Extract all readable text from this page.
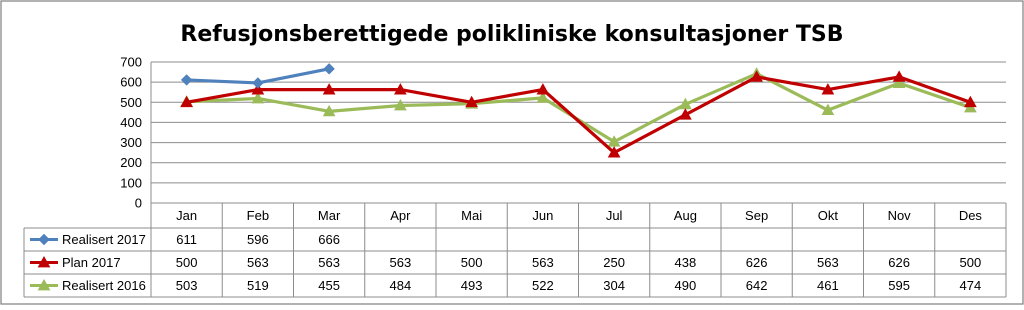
Refusjonsberettigede polikliniske konsultasjoner TSB
0
100
200
300
400
500
600
700
Jan	Feb	Mar	Apr	Mai	Jun	Jul	Aug	Sep	Okt	Nov	Des
Realisert 2017 611	596	666
Plan 2017	500	563	563	563	500	563	250	438	626	563	626	500
Realisert 2016 503	519	455	484	493	522	304	490	642	461	595	474
